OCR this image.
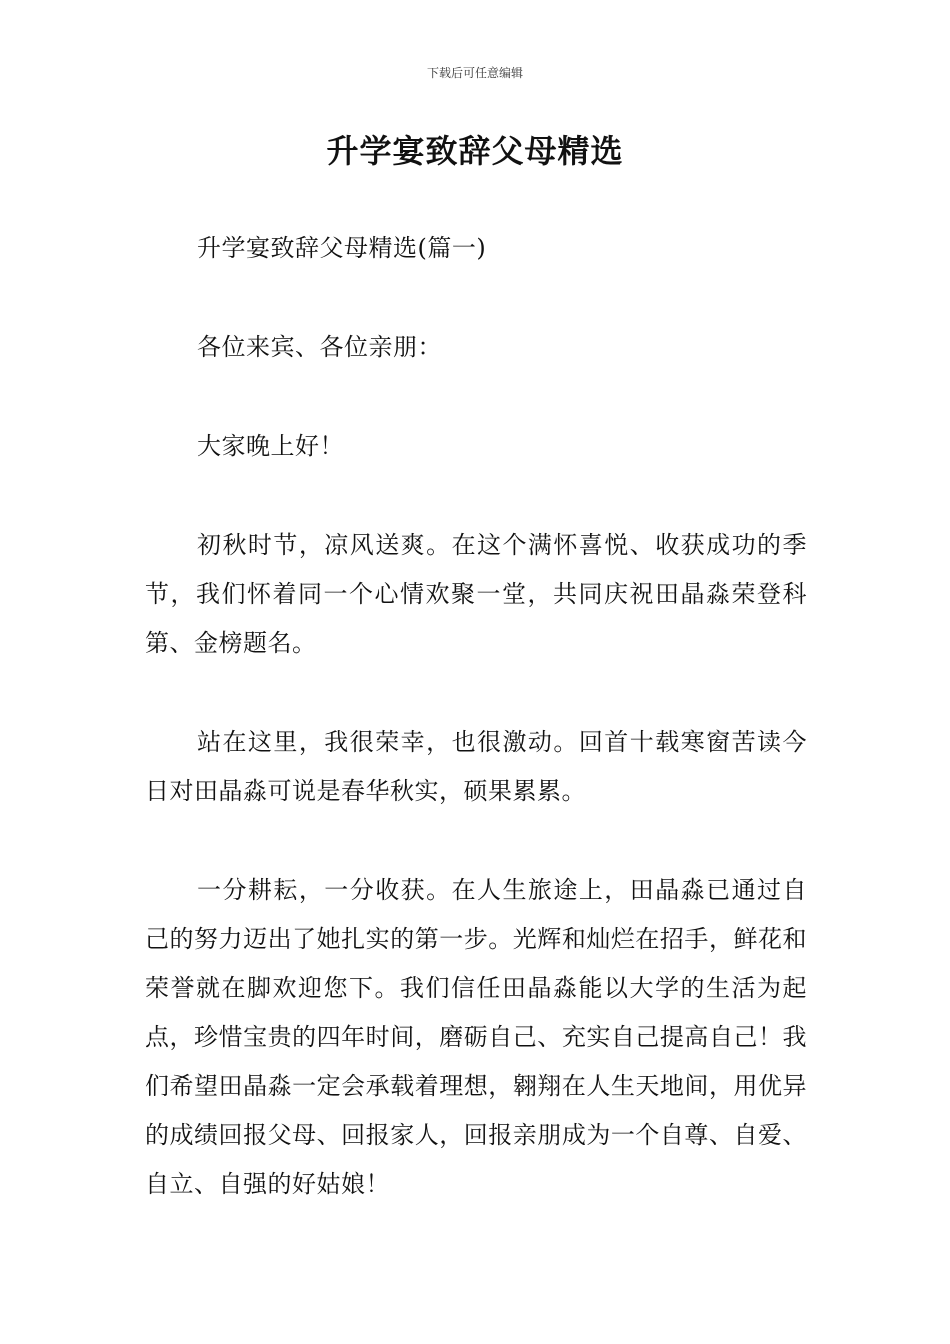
下载后可任意编辑
升学宴致辞父母精选

升学宴致辞父母精选(篇一)

各位来宾、各位亲朋：

大家晚上好！

初秋时节，凉风送爽。在这个满怀喜悦、收获成功的季节，我们怀着同一个心情欢聚一堂，共同庆祝田晶淼荣登科第、金榜题名。

站在这里，我很荣幸，也很激动。回首十载寒窗苦读今日对田晶淼可说是春华秋实，硕果累累。

一分耕耘，一分收获。在人生旅途上，田晶淼已通过自己的努力迈出了她扎实的第一步。光辉和灿烂在招手，鲜花和荣誉就在脚欢迎您下。我们信任田晶淼能以大学的生活为起点，珍惜宝贵的四年时间，磨砺自己、充实自己提高自己！我们希望田晶淼一定会承载着理想，翱翔在人生天地间，用优异的成绩回报父母、回报家人，回报亲朋成为一个自尊、自爱、自立、自强的好姑娘！
